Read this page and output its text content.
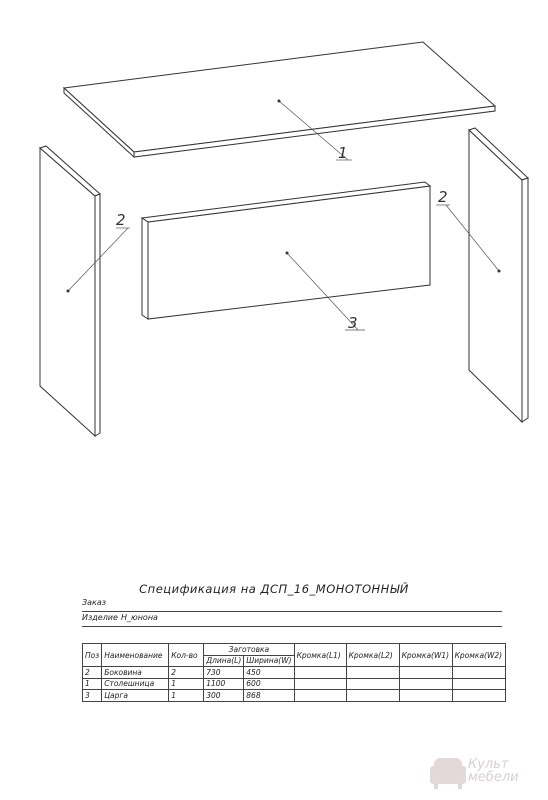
1
2
2
3
Спецификация на ДСП_16_МОНОТОННЫЙ
Заказ
Изделие Н_юнона
Поз	Наименование	Кол-во	Заготовка		Кромка(L1)	Кромка(L2)	Кромка(W1)	Кромка(W2)
			Длина(L)	Ширина(W)				
2	Боковина	2	730	450				
1	Столешница	1	1100	600				
3	Царга	1	300	868				
Культ
мебели
